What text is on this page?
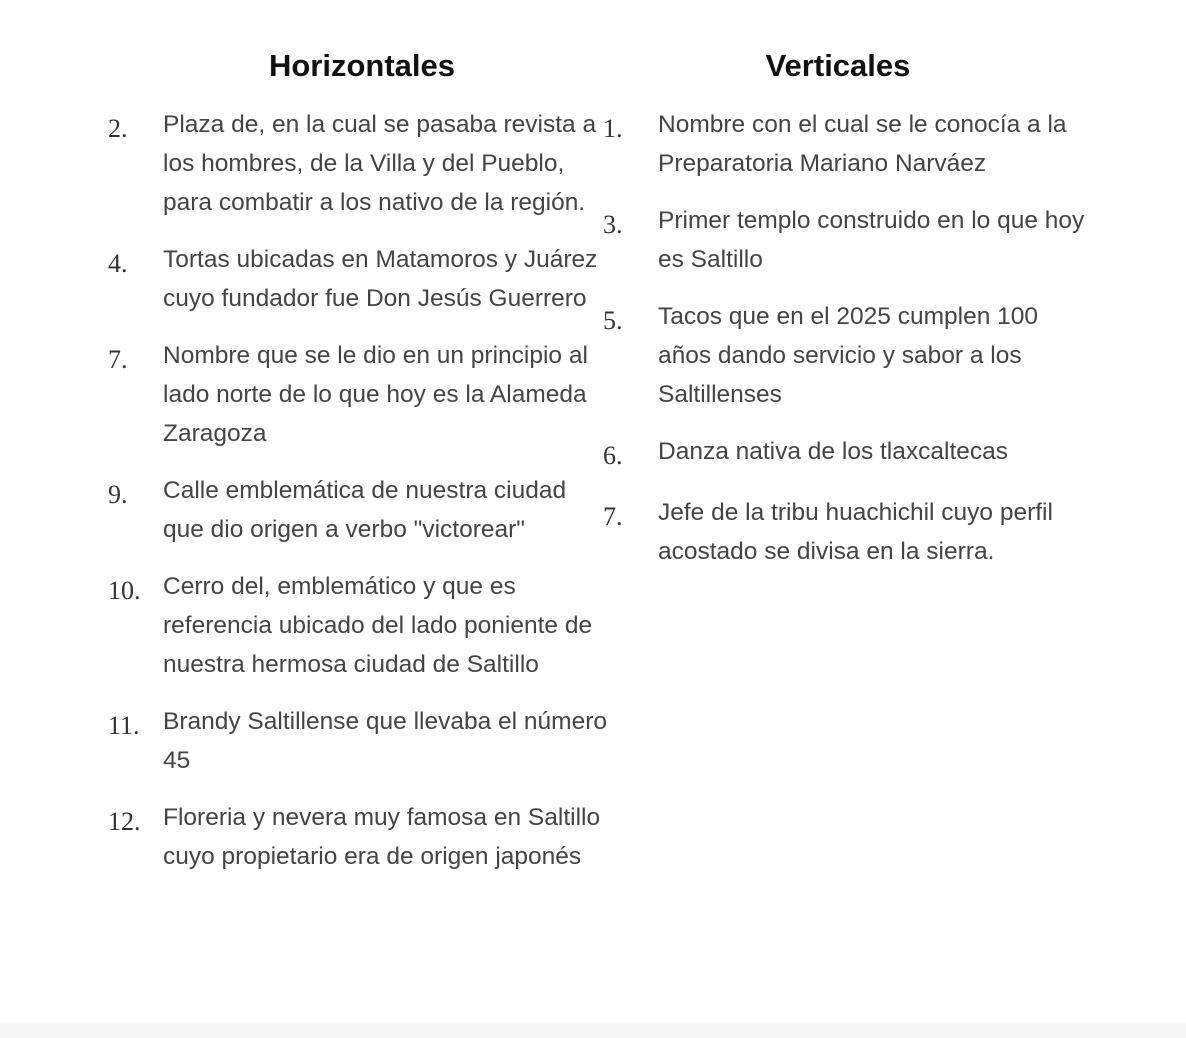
Horizontales
2.	Plaza de, en la cual se pasaba revista a los hombres, de la Villa y del Pueblo, para combatir a los nativo de la región.
4.	Tortas ubicadas en Matamoros y Juárez cuyo fundador fue Don Jesús Guerrero
7.	Nombre que se le dio en un principio al lado norte de lo que hoy es la Alameda Zaragoza
9.	Calle emblemática de nuestra ciudad que dio origen a verbo "victorear"
10. Cerro del, emblemático y que es referencia ubicado del lado poniente de nuestra hermosa ciudad de Saltillo
11. Brandy Saltillense que llevaba el número 45
12. Floreria y nevera muy famosa en Saltillo cuyo propietario era de origen japonés
Verticales
1.	Nombre con el cual se le conocía a la Preparatoria Mariano Narváez
3.	Primer templo construido en lo que hoy es Saltillo
5.	Tacos que en el 2025 cumplen 100 años dando servicio y sabor a los Saltillenses
6.	Danza nativa de los tlaxcaltecas
7.	Jefe de la tribu huachichil cuyo perfil acostado se divisa en la sierra.
